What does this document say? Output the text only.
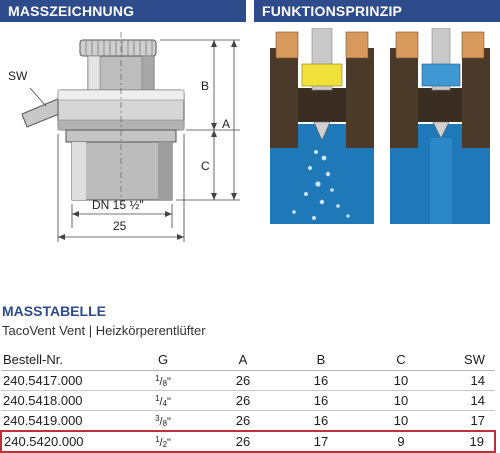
MASSZEICHNUNG	FUNKTIONSPRINZIP
SW
B
A
C
DN 15 ½"
25
MASSTABELLE
TacoVent Vent | Heizkörperentlüfter
Bestell-Nr.	G	A	B	C	SW
240.5417.000	$^1/_8$"	26	16	10	14
240.5418.000	$^1/_4$"	26	16	10	14
240.5419.000	$^3/_8$"	26	16	10	17
240.5420.000	$^1/_2$"	26	17	9	19
